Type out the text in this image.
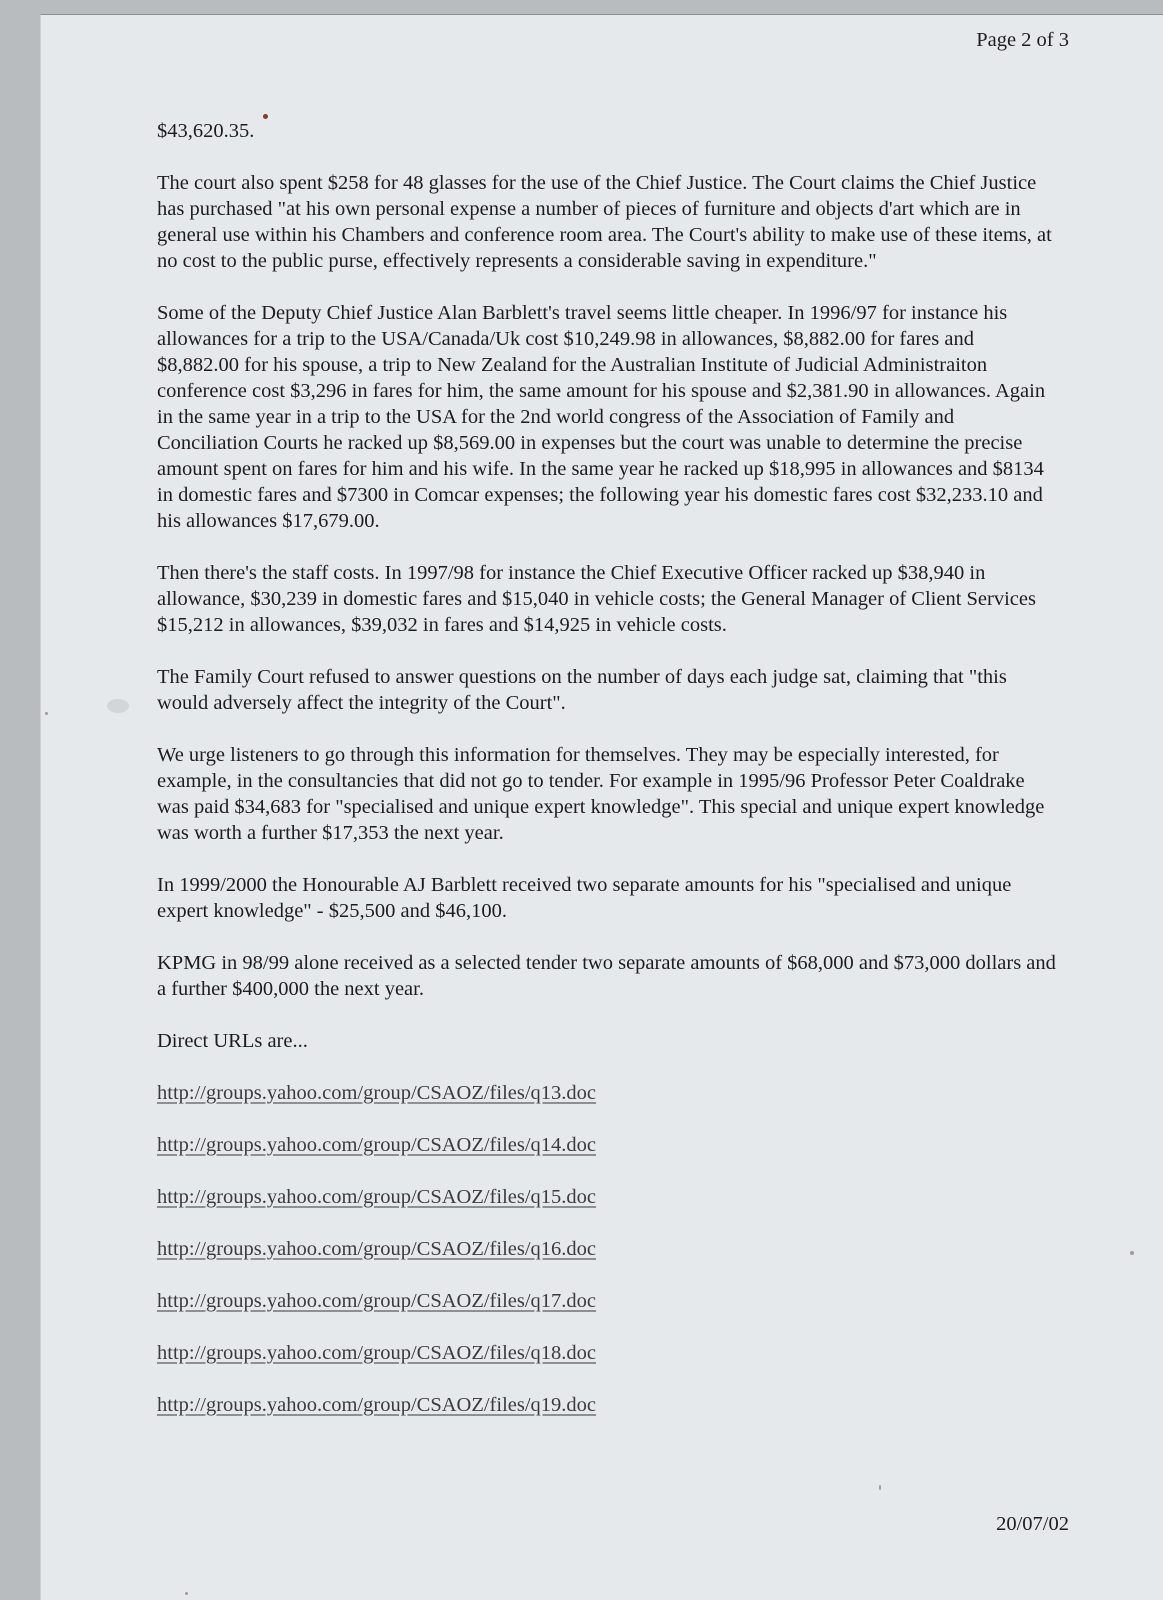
Page 2 of 3

$43,620.35.

The court also spent $258 for 48 glasses for the use of the Chief Justice. The Court claims the Chief Justice has purchased "at his own personal expense a number of pieces of furniture and objects d'art which are in general use within his Chambers and conference room area. The Court's ability to make use of these items, at no cost to the public purse, effectively represents a considerable saving in expenditure."

Some of the Deputy Chief Justice Alan Barblett's travel seems little cheaper. In 1996/97 for instance his allowances for a trip to the USA/Canada/Uk cost $10,249.98 in allowances, $8,882.00 for fares and $8,882.00 for his spouse, a trip to New Zealand for the Australian Institute of Judicial Administraiton conference cost $3,296 in fares for him, the same amount for his spouse and $2,381.90 in allowances. Again in the same year in a trip to the USA for the 2nd world congress of the Association of Family and Conciliation Courts he racked up $8,569.00 in expenses but the court was unable to determine the precise amount spent on fares for him and his wife. In the same year he racked up $18,995 in allowances and $8134 in domestic fares and $7300 in Comcar expenses; the following year his domestic fares cost $32,233.10 and his allowances $17,679.00.

Then there's the staff costs. In 1997/98 for instance the Chief Executive Officer racked up $38,940 in allowance, $30,239 in domestic fares and $15,040 in vehicle costs; the General Manager of Client Services $15,212 in allowances, $39,032 in fares and $14,925 in vehicle costs.

The Family Court refused to answer questions on the number of days each judge sat, claiming that "this would adversely affect the integrity of the Court".

We urge listeners to go through this information for themselves. They may be especially interested, for example, in the consultancies that did not go to tender. For example in 1995/96 Professor Peter Coaldrake was paid $34,683 for "specialised and unique expert knowledge". This special and unique expert knowledge was worth a further $17,353 the next year.

In 1999/2000 the Honourable AJ Barblett received two separate amounts for his "specialised and unique expert knowledge" - $25,500 and $46,100.

KPMG in 98/99 alone received as a selected tender two separate amounts of $68,000 and $73,000 dollars and a further $400,000 the next year.

Direct URLs are...

http://groups.yahoo.com/group/CSAOZ/files/q13.doc
http://groups.yahoo.com/group/CSAOZ/files/q14.doc
http://groups.yahoo.com/group/CSAOZ/files/q15.doc
http://groups.yahoo.com/group/CSAOZ/files/q16.doc
http://groups.yahoo.com/group/CSAOZ/files/q17.doc
http://groups.yahoo.com/group/CSAOZ/files/q18.doc
http://groups.yahoo.com/group/CSAOZ/files/q19.doc
20/07/02
